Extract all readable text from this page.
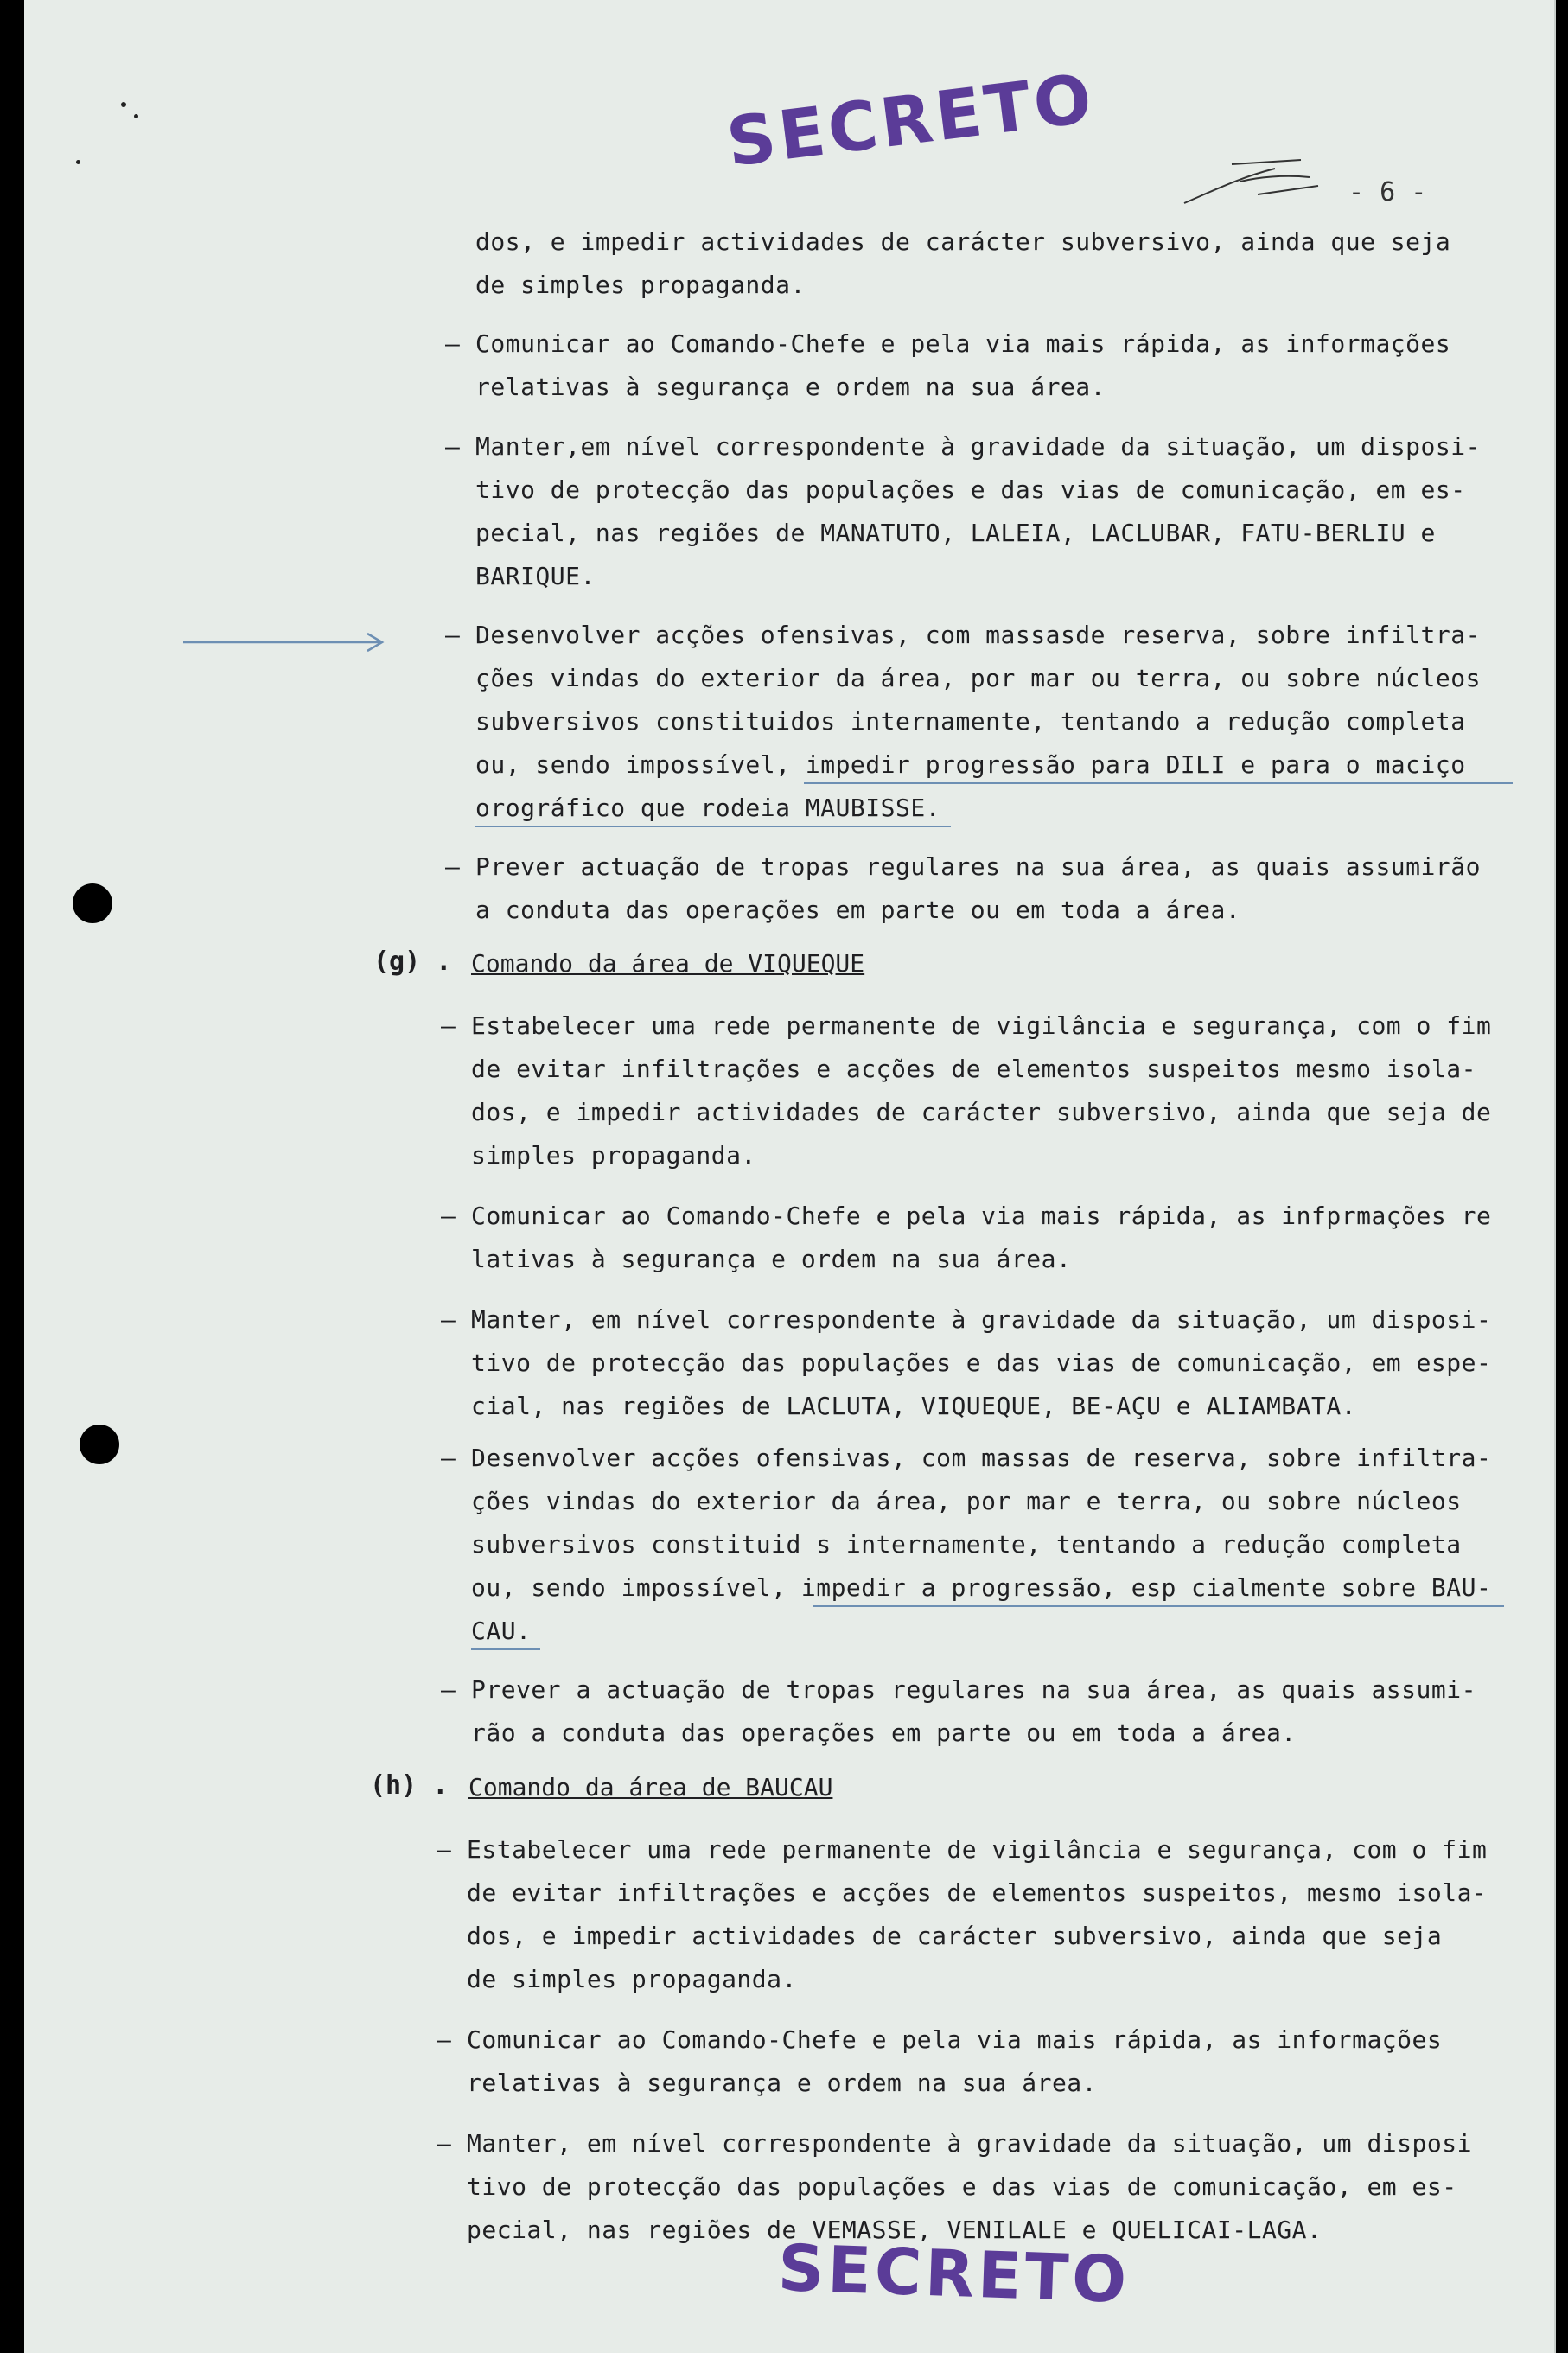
SECRETO
- 6 -
dos, e impedir actividades de carácter subversivo, ainda que seja
de simples propaganda.
– Comunicar ao Comando-Chefe e pela via mais rápida, as informações
relativas à segurança e ordem na sua área.
– Manter,em nível correspondente à gravidade da situação, um disposi-
tivo de protecção das populações e das vias de comunicação, em es-
pecial, nas regiões de MANATUTO, LALEIA, LACLUBAR, FATU-BERLIU e
BARIQUE.
– Desenvolver acções ofensivas, com massasde reserva, sobre infiltra-
ções vindas do exterior da área, por mar ou terra, ou sobre núcleos
subversivos constituidos internamente, tentando a redução completa
ou, sendo impossível, impedir progressão para DILI e para o maciço
orográfico que rodeia MAUBISSE.
– Prever actuação de tropas regulares na sua área, as quais assumirão
a conduta das operações em parte ou em toda a área.
(g) . Comando da área de VIQUEQUE
– Estabelecer uma rede permanente de vigilância e segurança, com o fim
de evitar infiltrações e acções de elementos suspeitos mesmo isola-
dos, e impedir actividades de carácter subversivo, ainda que seja de
simples propaganda.
– Comunicar ao Comando-Chefe e pela via mais rápida, as infprmações re
lativas à segurança e ordem na sua área.
– Manter, em nível correspondente à gravidade da situação, um disposi-
tivo de protecção das populações e das vias de comunicação, em espe-
cial, nas regiões de LACLUTA, VIQUEQUE, BE-AÇU e ALIAMBATA.
– Desenvolver acções ofensivas, com massas de reserva, sobre infiltra-
ções vindas do exterior da área, por mar e terra, ou sobre núcleos
subversivos constituid s internamente, tentando a redução completa
ou, sendo impossível, impedir a progressão, esp cialmente sobre BAU-
CAU.
– Prever a actuação de tropas regulares na sua área, as quais assumi-
rão a conduta das operações em parte ou em toda a área.
(h) . Comando da área de BAUCAU
– Estabelecer uma rede permanente de vigilância e segurança, com o fim
de evitar infiltrações e acções de elementos suspeitos, mesmo isola-
dos, e impedir actividades de carácter subversivo, ainda que seja
de simples propaganda.
– Comunicar ao Comando-Chefe e pela via mais rápida, as informações
relativas à segurança e ordem na sua área.
– Manter, em nível correspondente à gravidade da situação, um disposi
tivo de protecção das populações e das vias de comunicação, em es-
pecial, nas regiões de VEMASSE, VENILALE e QUELICAI-LAGA.
SECRETO
